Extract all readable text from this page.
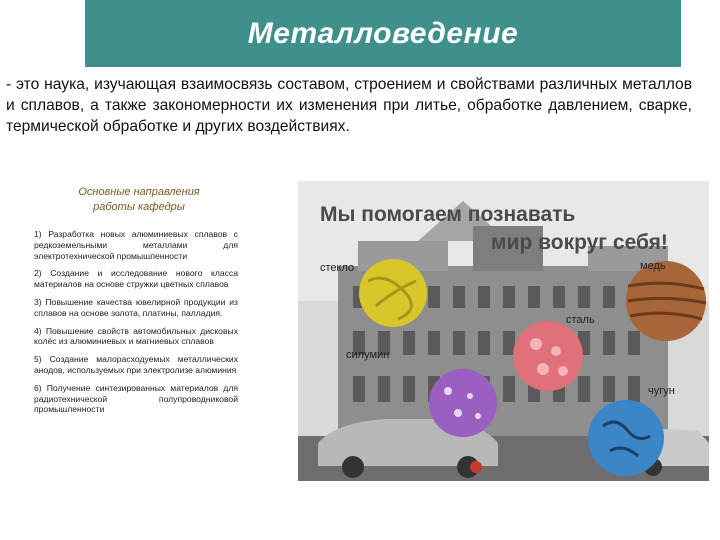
Металловедение
- это наука, изучающая взаимосвязь составом, строением и свойствами различных металлов и сплавов, а также закономерности их изменения при литье, обработке давлением, сварке, термической обработке и других воздействиях.
Основные направления
работы кафедры
1) Разработка новых алюминиевых сплавов с редкоземельными металлами для электротехнической промышленности
2) Создание и исследование нового класса материалов на основе стружки цветных сплавов
3) Повышение качества ювелирной продукции из сплавов на основе золота, платины, палладия.
4) Повышение свойств автомобильных дисковых колёс из алюминиевых и магниевых сплавов
5) Создание малорасходуемых металлических анодов, используемых при электролизе алюминия
6) Получение синтезированных материалов для радиотехнической полупроводниковой промышленности
Мы помогаем познавать
мир вокруг себя!
стекло	медь
сталь
силумин
чугун
